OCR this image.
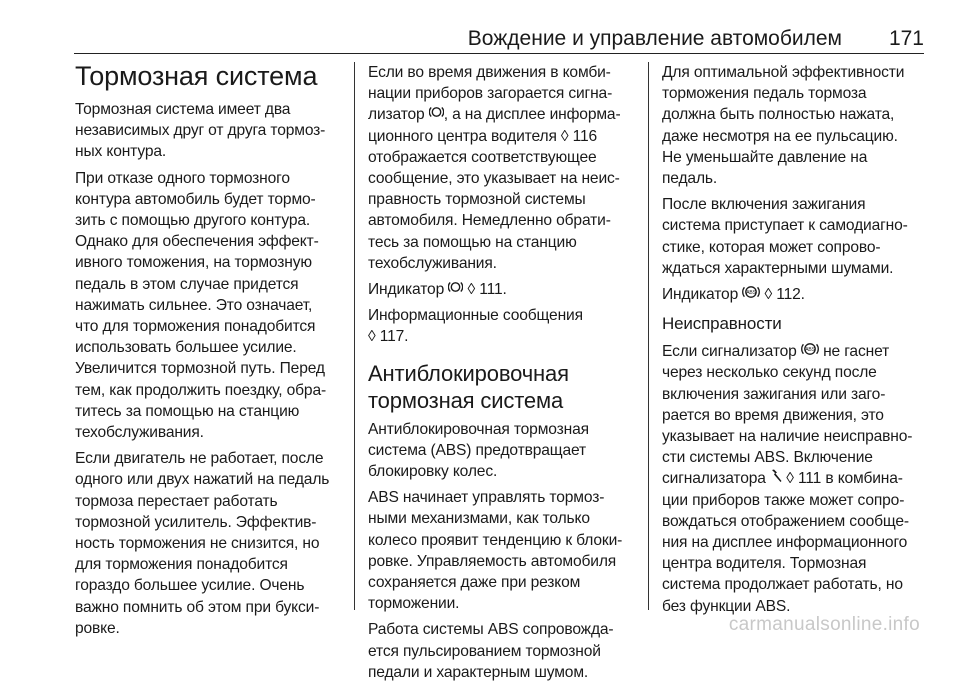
Вождение и управление автомобилем 171
Тормозная система

Тормозная система имеет два
независимых друг от друга тормоз-
ных контура.

При отказе одного тормозного
контура автомобиль будет тормо-
зить с помощью другого контура.
Однако для обеспечения эффект-
ивного томожения, на тормозную
педаль в этом случае придется
нажимать сильнее. Это означает,
что для торможения понадобится
использовать большее усилие.
Увеличится тормозной путь. Перед
тем, как продолжить поездку, обра-
титесь за помощью на станцию
техобслуживания.

Если двигатель не работает, после
одного или двух нажатий на педаль
тормоза перестает работать
тормозной усилитель. Эффектив-
ность торможения не снизится, но
для торможения понадобится
гораздо большее усилие. Очень
важно помнить об этом при букси-
ровке.

Если во время движения в комби-
нации приборов загорается сигна-
лизатор , а на дисплее информа-
ционного центра водителя ◊ 116
отображается соответствующее
сообщение, это указывает на неис-
правность тормозной системы
автомобиля. Немедленно обрати-
тесь за помощью на станцию
техобслуживания.

Индикатор  ◊ 111.

Информационные сообщения
◊ 117.

Антиблокировочная
тормозная система

Антиблокировочная тормозная
система (ABS) предотвращает
блокировку колес.

ABS начинает управлять тормоз-
ными механизмами, как только
колесо проявит тенденцию к блоки-
ровке. Управляемость автомобиля
сохраняется даже при резком
торможении.

Работа системы ABS сопровожда-
ется пульсированием тормозной
педали и характерным шумом.

Для оптимальной эффективности
торможения педаль тормоза
должна быть полностью нажата,
даже несмотря на ее пульсацию.
Не уменьшайте давление на
педаль.

После включения зажигания
система приступает к самодиагно-
стике, которая может сопрово-
ждаться характерными шумами.

Индикатор ABS ◊ 112.

Неисправности

Если сигнализатор ABS не гаснет
через несколько секунд после
включения зажигания или заго-
рается во время движения, это
указывает на наличие неисправно-
сти системы ABS. Включение
сигнализатора  ◊ 111 в комбина-
ции приборов также может сопро-
вождаться отображением сообще-
ния на дисплее информационного
центра водителя. Тормозная
система продолжает работать, но
без функции ABS.

carmanualsonline.info
